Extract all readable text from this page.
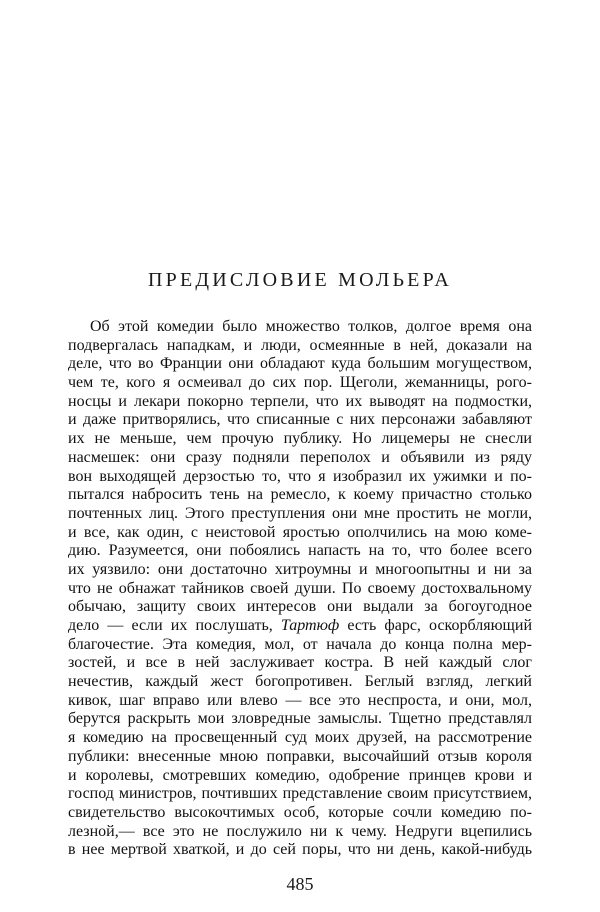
ПРЕДИСЛОВИЕ МОЛЬЕРА
Об этой комедии было множество толков, долгое время она
подвергалась нападкам, и люди, осмеянные в ней, доказали на
деле, что во Франции они обладают куда большим могуществом,
чем те, кого я осмеивал до сих пор. Щеголи, жеманницы, рого-
носцы и лекари покорно терпели, что их выводят на подмостки,
и даже притворялись, что списанные с них персонажи забавляют
их не меньше, чем прочую публику. Но лицемеры не снесли
насмешек: они сразу подняли переполох и объявили из ряду
вон выходящей дерзостью то, что я изобразил их ужимки и по-
пытался набросить тень на ремесло, к коему причастно столько
почтенных лиц. Этого преступления они мне простить не могли,
и все, как один, с неистовой яростью ополчились на мою коме-
дию. Разумеется, они побоялись напасть на то, что более всего
их уязвило: они достаточно хитроумны и многоопытны и ни за
что не обнажат тайников своей души. По своему достохвальному
обычаю, защиту своих интересов они выдали за богоугодное
дело — если их послушать, Тартюф есть фарс, оскорбляющий
благочестие. Эта комедия, мол, от начала до конца полна мер-
зостей, и все в ней заслуживает костра. В ней каждый слог
нечестив, каждый жест богопротивен. Беглый взгляд, легкий
кивок, шаг вправо или влево — все это неспроста, и они, мол,
берутся раскрыть мои зловредные замыслы. Тщетно представлял
я комедию на просвещенный суд моих друзей, на рассмотрение
публики: внесенные мною поправки, высочайший отзыв короля
и королевы, смотревших комедию, одобрение принцев крови и
господ министров, почтивших представление своим присутствием,
свидетельство высокочтимых особ, которые сочли комедию по-
лезной,— все это не послужило ни к чему. Недруги вцепились
в нее мертвой хваткой, и до сей поры, что ни день, какой-нибудь
485
